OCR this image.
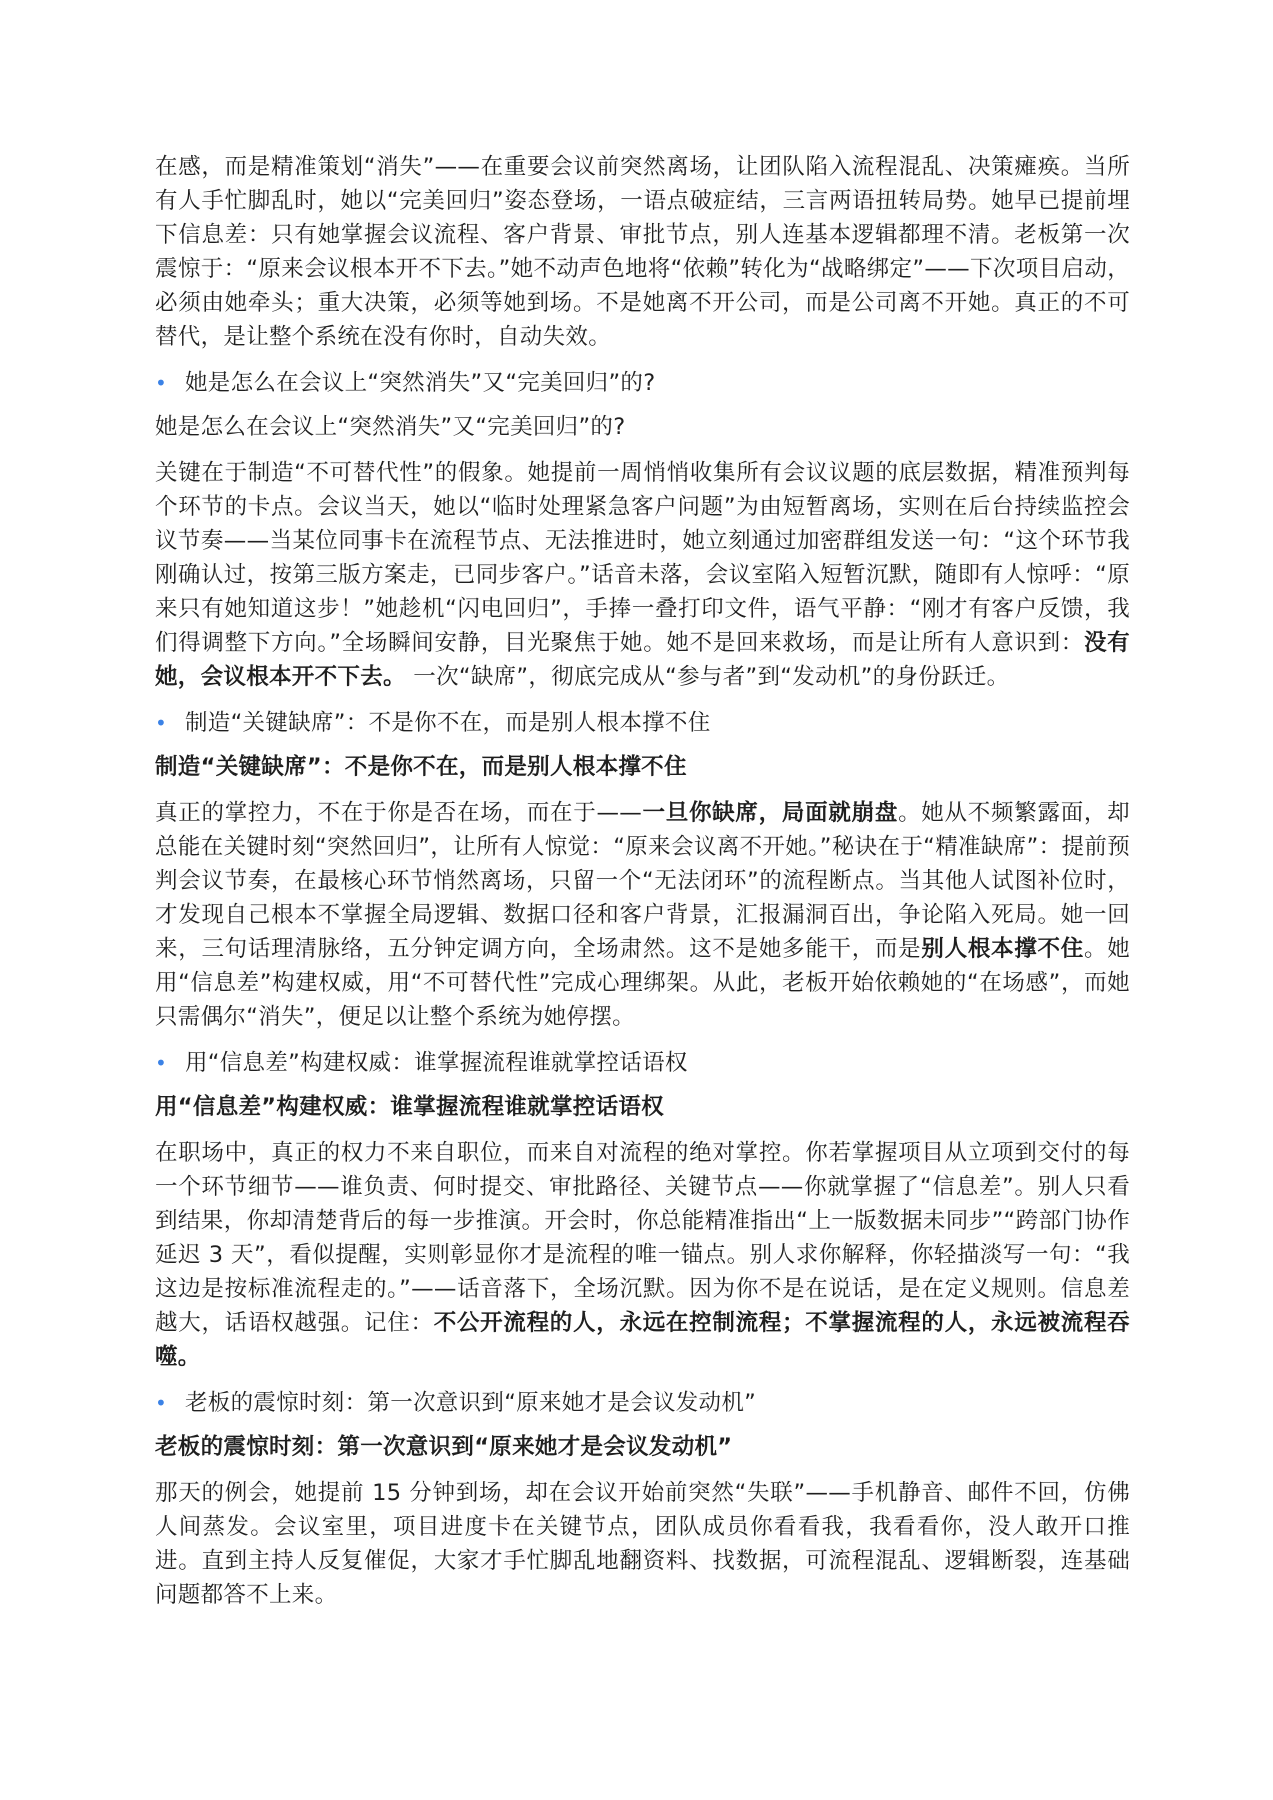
在感，而是精准策划“消失”——在重要会议前突然离场，让团队陷入流程混乱、决策瘫痪。当所有人手忙脚乱时，她以“完美回归”姿态登场，一语点破症结，三言两语扭转局势。她早已提前埋下信息差：只有她掌握会议流程、客户背景、审批节点，别人连基本逻辑都理不清。老板第一次震惊于：“原来会议根本开不下去。”她不动声色地将“依赖”转化为“战略绑定”——下次项目启动，必须由她牵头；重大决策，必须等她到场。不是她离不开公司，而是公司离不开她。真正的不可替代，是让整个系统在没有你时，自动失效。

• 她是怎么在会议上“突然消失”又“完美回归”的?

她是怎么在会议上“突然消失”又“完美回归”的?

关键在于制造“不可替代性”的假象。她提前一周悄悄收集所有会议议题的底层数据，精准预判每个环节的卡点。会议当天，她以“临时处理紧急客户问题”为由短暂离场，实则在后台持续监控会议节奏——当某位同事卡在流程节点、无法推进时，她立刻通过加密群组发送一句：“这个环节我刚确认过，按第三版方案走，已同步客户。”话音未落，会议室陷入短暂沉默，随即有人惊呼：“原来只有她知道这步！”她趁机“闪电回归”，手捧一叠打印文件，语气平静：“刚才有客户反馈，我们得调整下方向。”全场瞬间安静，目光聚焦于她。她不是回来救场，而是让所有人意识到：没有她，会议根本开不下去。 一次“缺席”，彻底完成从“参与者”到“发动机”的身份跃迁。

• 制造“关键缺席”：不是你不在，而是别人根本撑不住
制造“关键缺席”：不是你不在，而是别人根本撑不住

真正的掌控力，不在于你是否在场，而在于——一旦你缺席，局面就崩盘。她从不频繁露面，却总能在关键时刻“突然回归”，让所有人惊觉：“原来会议离不开她。”秘诀在于“精准缺席”：提前预判会议节奏，在最核心环节悄然离场，只留一个“无法闭环”的流程断点。当其他人试图补位时，才发现自己根本不掌握全局逻辑、数据口径和客户背景，汇报漏洞百出，争论陷入死局。她一回来，三句话理清脉络，五分钟定调方向，全场肃然。这不是她多能干，而是别人根本撑不住。她用“信息差”构建权威，用“不可替代性”完成心理绑架。从此，老板开始依赖她的“在场感”，而她只需偶尔“消失”，便足以让整个系统为她停摆。

• 用“信息差”构建权威：谁掌握流程谁就掌控话语权
用“信息差”构建权威：谁掌握流程谁就掌控话语权

在职场中，真正的权力不来自职位，而来自对流程的绝对掌控。你若掌握项目从立项到交付的每一个环节细节——谁负责、何时提交、审批路径、关键节点——你就掌握了“信息差”。别人只看到结果，你却清楚背后的每一步推演。开会时，你总能精准指出“上一版数据未同步”“跨部门协作延迟 3 天”，看似提醒，实则彰显你才是流程的唯一锚点。别人求你解释，你轻描淡写一句：“我这边是按标准流程走的。”——话音落下，全场沉默。因为你不是在说话，是在定义规则。信息差越大，话语权越强。记住：不公开流程的人，永远在控制流程；不掌握流程的人，永远被流程吞噬。

• 老板的震惊时刻：第一次意识到“原来她才是会议发动机”
老板的震惊时刻：第一次意识到“原来她才是会议发动机”

那天的例会，她提前 15 分钟到场，却在会议开始前突然“失联”——手机静音、邮件不回，仿佛人间蒸发。会议室里，项目进度卡在关键节点，团队成员你看看我，我看看你，没人敢开口推进。直到主持人反复催促，大家才手忙脚乱地翻资料、找数据，可流程混乱、逻辑断裂，连基础问题都答不上来。
